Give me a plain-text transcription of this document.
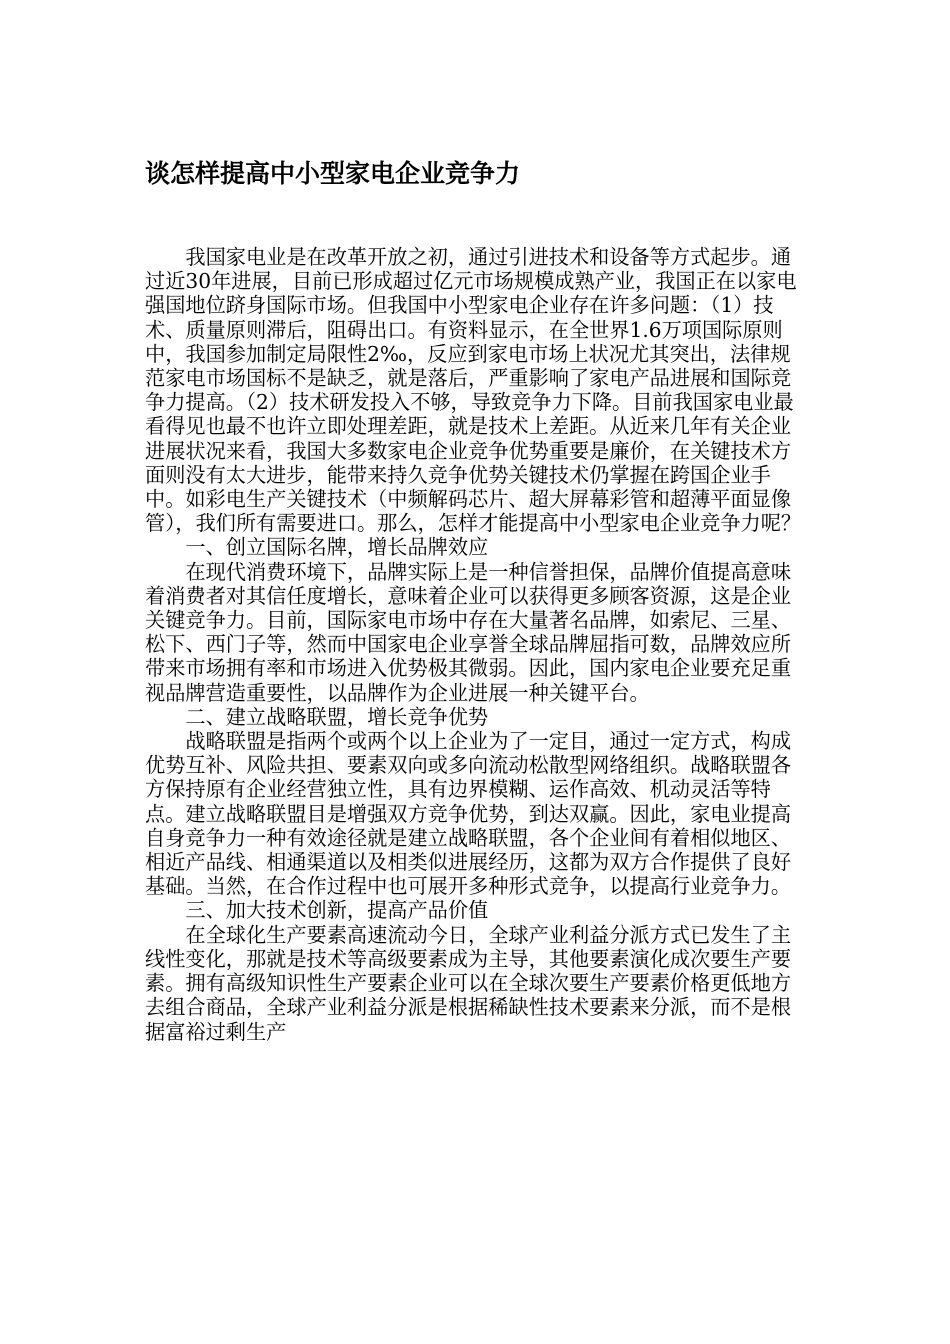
谈怎样提高中小型家电企业竞争力

我国家电业是在改革开放之初，通过引进技术和设备等方式起步。通过近30年进展，目前已形成超过亿元市场规模成熟产业，我国正在以家电强国地位跻身国际市场。但我国中小型家电企业存在许多问题：（1）技术、质量原则滞后，阻碍出口。有资料显示，在全世界1.6万项国际原则中，我国参加制定局限性2‰，反应到家电市场上状况尤其突出，法律规范家电市场国标不是缺乏，就是落后，严重影响了家电产品进展和国际竞争力提高。（2）技术研发投入不够，导致竞争力下降。目前我国家电业最看得见也最不也许立即处理差距，就是技术上差距。从近来几年有关企业进展状况来看，我国大多数家电企业竞争优势重要是廉价，在关键技术方面则没有太大进步，能带来持久竞争优势关键技术仍掌握在跨国企业手中。如彩电生产关键技术（中频解码芯片、超大屏幕彩管和超薄平面显像管），我们所有需要进口。那么，怎样才能提高中小型家电企业竞争力呢？

一、创立国际名牌，增长品牌效应

在现代消费环境下，品牌实际上是一种信誉担保，品牌价值提高意味着消费者对其信任度增长，意味着企业可以获得更多顾客资源，这是企业关键竞争力。目前，国际家电市场中存在大量著名品牌，如索尼、三星、松下、西门子等，然而中国家电企业享誉全球品牌屈指可数，品牌效应所带来市场拥有率和市场进入优势极其微弱。因此，国内家电企业要充足重视品牌营造重要性，以品牌作为企业进展一种关键平台。

二、建立战略联盟，增长竞争优势

战略联盟是指两个或两个以上企业为了一定目，通过一定方式，构成优势互补、风险共担、要素双向或多向流动松散型网络组织。战略联盟各方保持原有企业经营独立性，具有边界模糊、运作高效、机动灵活等特点。建立战略联盟目是增强双方竞争优势，到达双赢。因此，家电业提高自身竞争力一种有效途径就是建立战略联盟，各个企业间有着相似地区、相近产品线、相通渠道以及相类似进展经历，这都为双方合作提供了良好基础。当然，在合作过程中也可展开多种形式竞争，以提高行业竞争力。

三、加大技术创新，提高产品价值

在全球化生产要素高速流动今日，全球产业利益分派方式已发生了主线性变化，那就是技术等高级要素成为主导，其他要素演化成次要生产要素。拥有高级知识性生产要素企业可以在全球次要生产要素价格更低地方去组合商品，全球产业利益分派是根据稀缺性技术要素来分派，而不是根据富裕过剩生产
